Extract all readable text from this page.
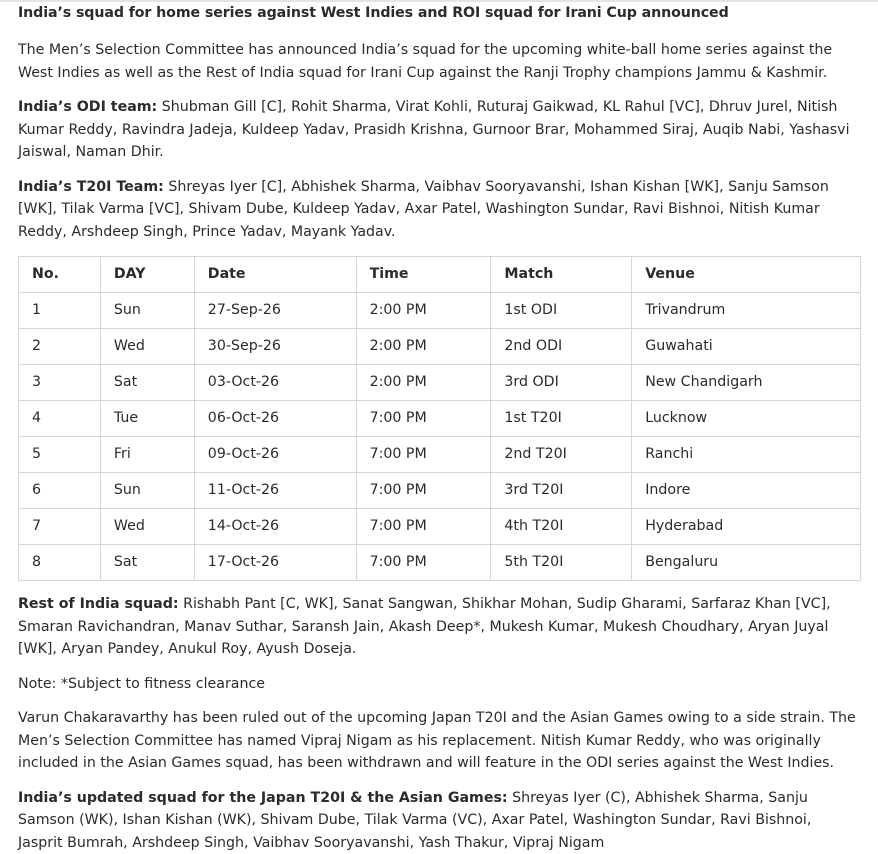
India’s squad for home series against West Indies and ROI squad for Irani Cup announced

The Men’s Selection Committee has announced India’s squad for the upcoming white-ball home series against the West Indies as well as the Rest of India squad for Irani Cup against the Ranji Trophy champions Jammu & Kashmir.

India’s ODI team: Shubman Gill [C], Rohit Sharma, Virat Kohli, Ruturaj Gaikwad, KL Rahul [VC], Dhruv Jurel, Nitish Kumar Reddy, Ravindra Jadeja, Kuldeep Yadav, Prasidh Krishna, Gurnoor Brar, Mohammed Siraj, Auqib Nabi, Yashasvi Jaiswal, Naman Dhir.

India’s T20I Team: Shreyas Iyer [C], Abhishek Sharma, Vaibhav Sooryavanshi, Ishan Kishan [WK], Sanju Samson [WK], Tilak Varma [VC], Shivam Dube, Kuldeep Yadav, Axar Patel, Washington Sundar, Ravi Bishnoi, Nitish Kumar Reddy, Arshdeep Singh, Prince Yadav, Mayank Yadav.

No.	DAY	Date	Time	Match	Venue
1	Sun	27-Sep-26	2:00 PM	1st ODI	Trivandrum
2	Wed	30-Sep-26	2:00 PM	2nd ODI	Guwahati
3	Sat	03-Oct-26	2:00 PM	3rd ODI	New Chandigarh
4	Tue	06-Oct-26	7:00 PM	1st T20I	Lucknow
5	Fri	09-Oct-26	7:00 PM	2nd T20I	Ranchi
6	Sun	11-Oct-26	7:00 PM	3rd T20I	Indore
7	Wed	14-Oct-26	7:00 PM	4th T20I	Hyderabad
8	Sat	17-Oct-26	7:00 PM	5th T20I	Bengaluru

Rest of India squad: Rishabh Pant [C, WK], Sanat Sangwan, Shikhar Mohan, Sudip Gharami, Sarfaraz Khan [VC], Smaran Ravichandran, Manav Suthar, Saransh Jain, Akash Deep*, Mukesh Kumar, Mukesh Choudhary, Aryan Juyal [WK], Aryan Pandey, Anukul Roy, Ayush Doseja.

Note: *Subject to fitness clearance

Varun Chakaravarthy has been ruled out of the upcoming Japan T20I and the Asian Games owing to a side strain. The Men’s Selection Committee has named Vipraj Nigam as his replacement. Nitish Kumar Reddy, who was originally included in the Asian Games squad, has been withdrawn and will feature in the ODI series against the West Indies.

India’s updated squad for the Japan T20I & the Asian Games: Shreyas Iyer (C), Abhishek Sharma, Sanju Samson (WK), Ishan Kishan (WK), Shivam Dube, Tilak Varma (VC), Axar Patel, Washington Sundar, Ravi Bishnoi, Jasprit Bumrah, Arshdeep Singh, Vaibhav Sooryavanshi, Yash Thakur, Vipraj Nigam
